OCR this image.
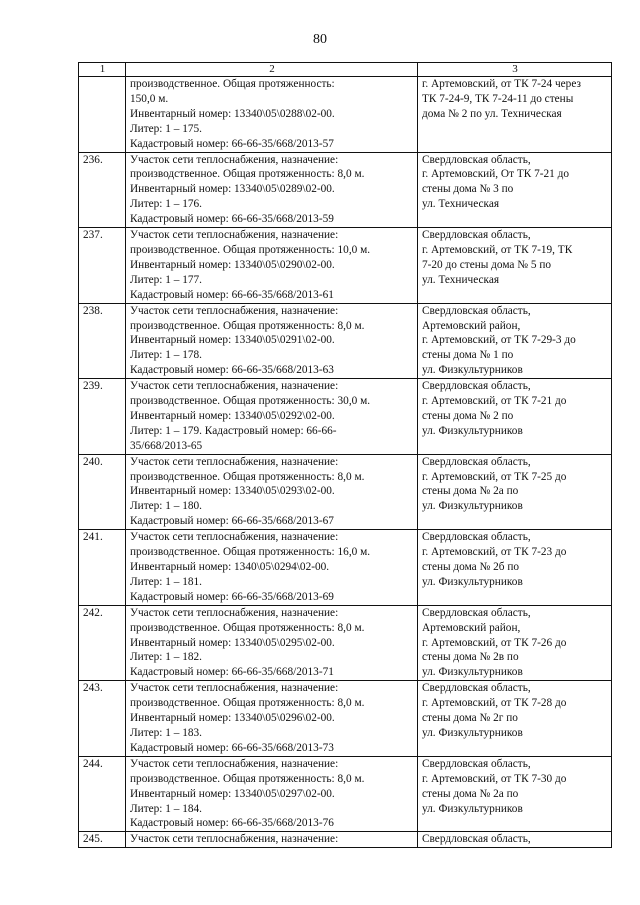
80
1	2	3

	производственное. Общая протяженность:
150,0 м.
Инвентарный номер: 13340\05\0288\02-00.
Литер: 1 – 175.
Кадастровый номер: 66-66-35/668/2013-57	г. Артемовский, от ТК 7-24 через
ТК 7-24-9, ТК 7-24-11 до стены
дома № 2 по ул. Техническая

236.	Участок сети теплоснабжения, назначение:
производственное. Общая протяженность: 8,0 м.
Инвентарный номер: 13340\05\0289\02-00.
Литер: 1 – 176.
Кадастровый номер: 66-66-35/668/2013-59	Свердловская область,
г. Артемовский, От ТК 7-21 до
стены дома № 3 по
ул. Техническая

237.	Участок сети теплоснабжения, назначение:
производственное. Общая протяженность: 10,0 м.
Инвентарный номер: 13340\05\0290\02-00.
Литер: 1 – 177.
Кадастровый номер: 66-66-35/668/2013-61	Свердловская область,
г. Артемовский, от ТК 7-19, ТК
7-20 до стены дома № 5 по
ул. Техническая

238.	Участок сети теплоснабжения, назначение:
производственное. Общая протяженность: 8,0 м.
Инвентарный номер: 13340\05\0291\02-00.
Литер: 1 – 178.
Кадастровый номер: 66-66-35/668/2013-63	Свердловская область,
Артемовский район,
г. Артемовский, от ТК 7-29-3 до
стены дома № 1 по
ул. Физкультурников

239.	Участок сети теплоснабжения, назначение:
производственное. Общая протяженность: 30,0 м.
Инвентарный номер: 13340\05\0292\02-00.
Литер: 1 – 179. Кадастровый номер: 66-66-
35/668/2013-65	Свердловская область,
г. Артемовский, от ТК 7-21 до
стены дома № 2 по
ул. Физкультурников

240.	Участок сети теплоснабжения, назначение:
производственное. Общая протяженность: 8,0 м.
Инвентарный номер: 13340\05\0293\02-00.
Литер: 1 – 180.
Кадастровый номер: 66-66-35/668/2013-67	Свердловская область,
г. Артемовский, от ТК 7-25 до
стены дома № 2а по
ул. Физкультурников

241.	Участок сети теплоснабжения, назначение:
производственное. Общая протяженность: 16,0 м.
Инвентарный номер: 1340\05\0294\02-00.
Литер: 1 – 181.
Кадастровый номер: 66-66-35/668/2013-69	Свердловская область,
г. Артемовский, от ТК 7-23 до
стены дома № 2б по
ул. Физкультурников

242.	Участок сети теплоснабжения, назначение:
производственное. Общая протяженность: 8,0 м.
Инвентарный номер: 13340\05\0295\02-00.
Литер: 1 – 182.
Кадастровый номер: 66-66-35/668/2013-71	Свердловская область,
Артемовский район,
г. Артемовский, от ТК 7-26 до
стены дома № 2в по
ул. Физкультурников

243.	Участок сети теплоснабжения, назначение:
производственное. Общая протяженность: 8,0 м.
Инвентарный номер: 13340\05\0296\02-00.
Литер: 1 – 183.
Кадастровый номер: 66-66-35/668/2013-73	Свердловская область,
г. Артемовский, от ТК 7-28 до
стены дома № 2г по
ул. Физкультурников

244.	Участок сети теплоснабжения, назначение:
производственное. Общая протяженность: 8,0 м.
Инвентарный номер: 13340\05\0297\02-00.
Литер: 1 – 184.
Кадастровый номер: 66-66-35/668/2013-76	Свердловская область,
г. Артемовский, от ТК 7-30 до
стены дома № 2а по
ул. Физкультурников

245.	Участок сети теплоснабжения, назначение:	Свердловская область,
